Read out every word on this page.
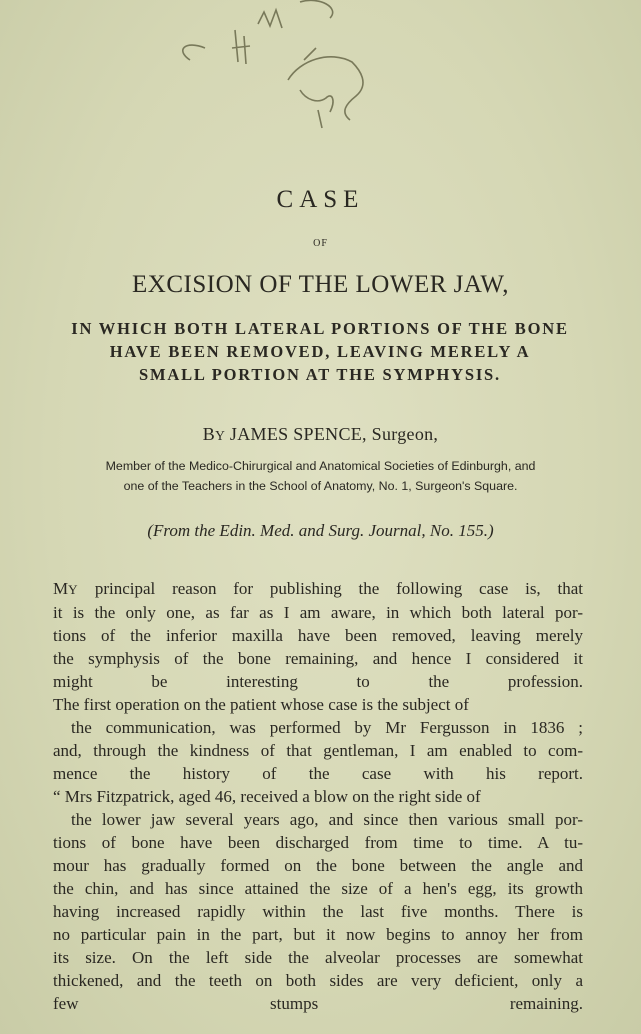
CASE
OF
EXCISION OF THE LOWER JAW,
IN WHICH BOTH LATERAL PORTIONS OF THE BONE
HAVE BEEN REMOVED, LEAVING MERELY A
SMALL PORTION AT THE SYMPHYSIS.
BY JAMES SPENCE, Surgeon,
Member of the Medico-Chirurgical and Anatomical Societies of Edinburgh, and
one of the Teachers in the School of Anatomy, No. 1, Surgeon's Square.
(From the Edin. Med. and Surg. Journal, No. 155.)
MY principal reason for publishing the following case is, that
it is the only one, as far as I am aware, in which both lateral por-
tions of the inferior maxilla have been removed, leaving merely
the symphysis of the bone remaining, and hence I considered it
might be interesting to the profession.
The first operation on the patient whose case is the subject of
the communication, was performed by Mr Fergusson in 1836 ;
and, through the kindness of that gentleman, I am enabled to com-
mence the history of the case with his report.
“ Mrs Fitzpatrick, aged 46, received a blow on the right side of
the lower jaw several years ago, and since then various small por-
tions of bone have been discharged from time to time. A tu-
mour has gradually formed on the bone between the angle and
the chin, and has since attained the size of a hen's egg, its growth
having increased rapidly within the last five months. There is
no particular pain in the part, but it now begins to annoy her from
its size. On the left side the alveolar processes are somewhat
thickened, and the teeth on both sides are very deficient, only a
few stumps remaining.
